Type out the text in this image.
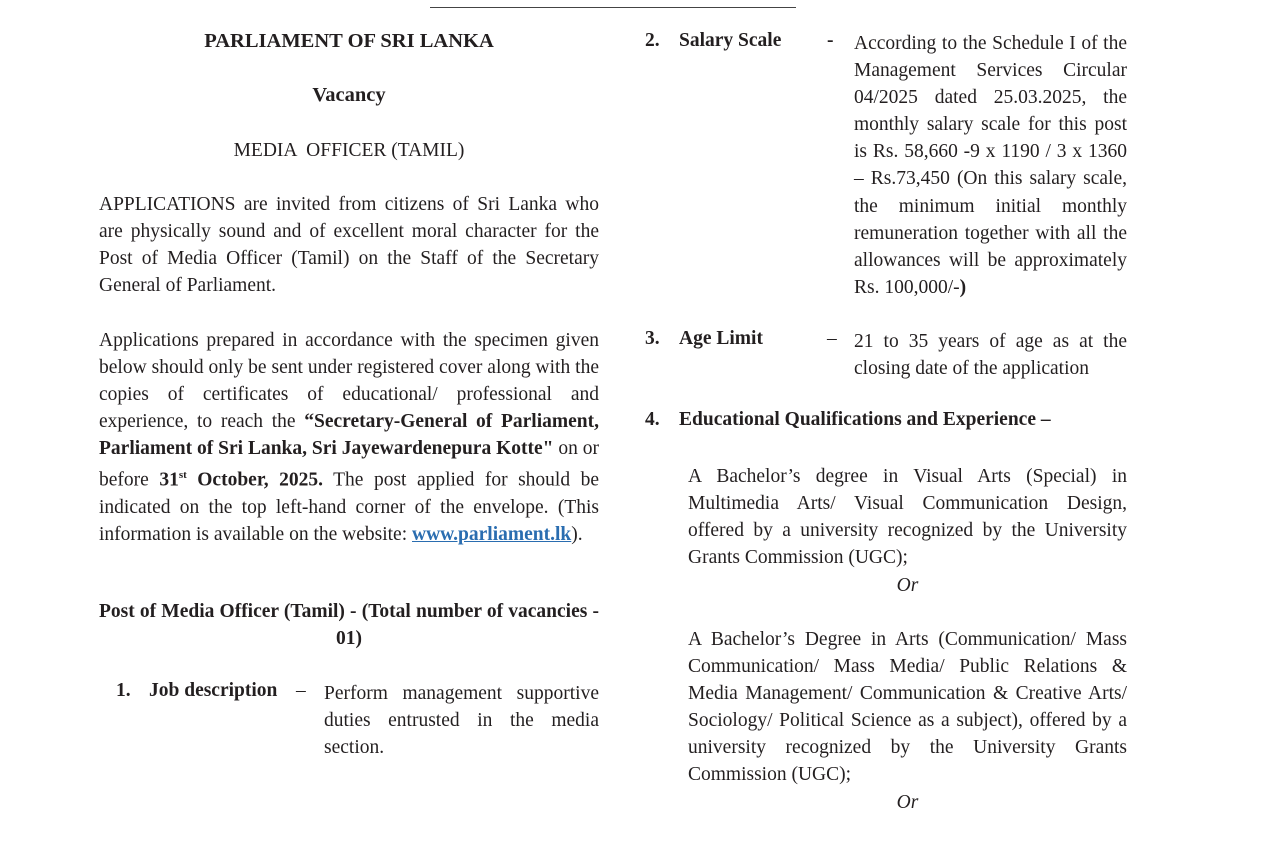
PARLIAMENT OF SRI LANKA

Vacancy

MEDIA  OFFICER (TAMIL)

APPLICATIONS are invited from citizens of Sri Lanka who are physically sound and of excellent moral character for the Post of Media Officer (Tamil) on the Staff of the Secretary General of Parliament.

Applications prepared in accordance with the specimen given below should only be sent under registered cover along with the copies of certificates of educational/ professional and experience, to reach the “Secretary-General of Parliament, Parliament of Sri Lanka, Sri Jayewardenepura Kotte" on or before 31st October, 2025. The post applied for should be indicated on the top left-hand corner of the envelope. (This information is available on the website: www.parliament.lk).

Post of Media Officer (Tamil) - (Total number of vacancies - 01)

1. Job description – Perform management supportive duties entrusted in the media section.

2. Salary Scale - According to the Schedule I of the Management Services Circular 04/2025 dated 25.03.2025, the monthly salary scale for this post is Rs. 58,660 -9 x 1190 / 3 x 1360 – Rs.73,450 (On this salary scale, the minimum initial monthly remuneration together with all the allowances will be approximately Rs. 100,000/-)

3. Age Limit	– 21 to 35 years of age as at the closing date of the application

4. Educational Qualifications and Experience –

A Bachelor’s degree in Visual Arts (Special) in Multimedia Arts/ Visual Communication Design, offered by a university recognized by the University Grants Commission (UGC);

Or

A Bachelor’s Degree in Arts (Communication/ Mass Communication/ Mass Media/ Public Relations & Media Management/ Communication & Creative Arts/ Sociology/ Political Science as a subject), offered by a university recognized by the University Grants Commission (UGC);

Or
